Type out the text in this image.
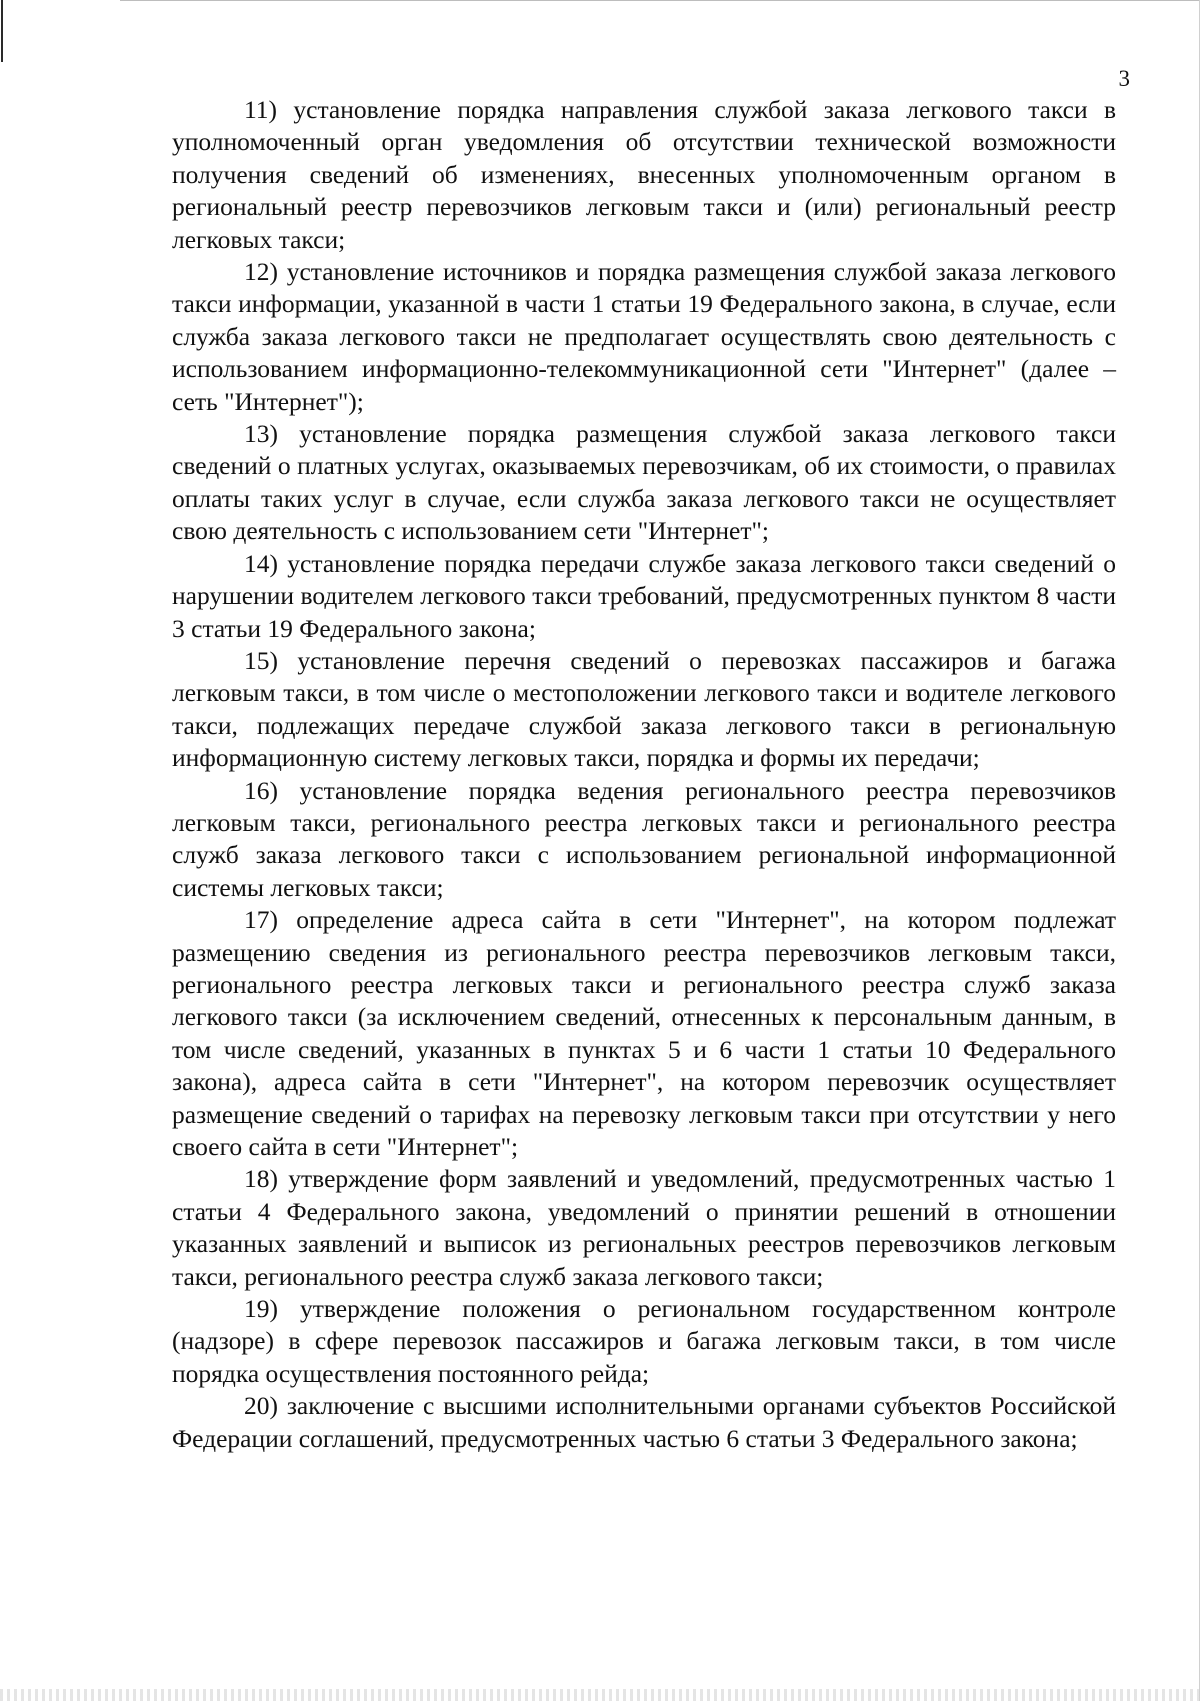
3

11) установление порядка направления службой заказа легкового такси в уполномоченный орган уведомления об отсутствии технической возможности получения сведений об изменениях, внесенных уполномоченным органом в региональный реестр перевозчиков легковым такси и (или) региональный реестр легковых такси;

12) установление источников и порядка размещения службой заказа легкового такси информации, указанной в части 1 статьи 19 Федерального закона, в случае, если служба заказа легкового такси не предполагает осуществлять свою деятельность с использованием информационно-телекоммуникационной сети "Интернет" (далее – сеть "Интернет");

13) установление порядка размещения службой заказа легкового такси сведений о платных услугах, оказываемых перевозчикам, об их стоимости, о правилах оплаты таких услуг в случае, если служба заказа легкового такси не осуществляет свою деятельность с использованием сети "Интернет";

14) установление порядка передачи службе заказа легкового такси сведений о нарушении водителем легкового такси требований, предусмотренных пунктом 8 части 3 статьи 19 Федерального закона;

15) установление перечня сведений о перевозках пассажиров и багажа легковым такси, в том числе о местоположении легкового такси и водителе легкового такси, подлежащих передаче службой заказа легкового такси в региональную информационную систему легковых такси, порядка и формы их передачи;

16) установление порядка ведения регионального реестра перевозчиков легковым такси, регионального реестра легковых такси и регионального реестра служб заказа легкового такси с использованием региональной информационной системы легковых такси;

17) определение адреса сайта в сети "Интернет", на котором подлежат размещению сведения из регионального реестра перевозчиков легковым такси, регионального реестра легковых такси и регионального реестра служб заказа легкового такси (за исключением сведений, отнесенных к персональным данным, в том числе сведений, указанных в пунктах 5 и 6 части 1 статьи 10 Федерального закона), адреса сайта в сети "Интернет", на котором перевозчик осуществляет размещение сведений о тарифах на перевозку легковым такси при отсутствии у него своего сайта в сети "Интернет";

18) утверждение форм заявлений и уведомлений, предусмотренных частью 1 статьи 4 Федерального закона, уведомлений о принятии решений в отношении указанных заявлений и выписок из региональных реестров перевозчиков легковым такси, регионального реестра служб заказа легкового такси;

19) утверждение положения о региональном государственном контроле (надзоре) в сфере перевозок пассажиров и багажа легковым такси, в том числе порядка осуществления постоянного рейда;

20) заключение с высшими исполнительными органами субъектов Российской Федерации соглашений, предусмотренных частью 6 статьи 3 Федерального закона;
